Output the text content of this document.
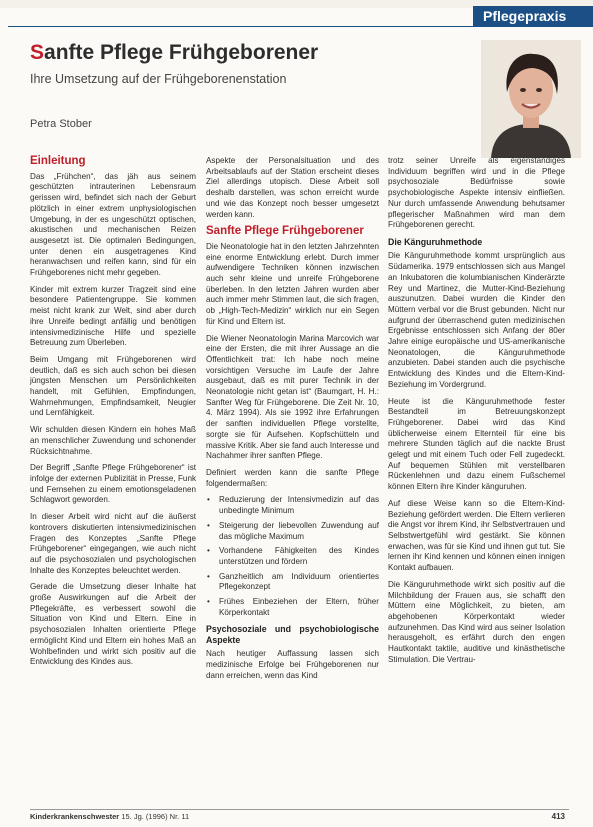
Pflegepraxis
Sanfte Pflege Frühgeborener
Ihre Umsetzung auf der Frühgeborenenstation
Petra Stober
Einleitung

Das „Frühchen“, das jäh aus seinem geschützten intrauterinen Lebensraum gerissen wird, befindet sich nach der Geburt plötzlich in einer extrem unphysiologischen Umgebung, in der es ungeschützt optischen, akustischen und mechanischen Reizen ausgesetzt ist. Die optimalen Bedingungen, unter denen ein ausgetragenes Kind heranwachsen und reifen kann, sind für ein Frühgeborenes nicht mehr gegeben.

Kinder mit extrem kurzer Tragzeit sind eine besondere Patientengruppe. Sie kommen meist nicht krank zur Welt, sind aber durch ihre Unreife bedingt anfällig und benötigen intensivmedizinische Hilfe und spezielle Betreuung zum Überleben.

Beim Umgang mit Frühgeborenen wird deutlich, daß es sich auch schon bei diesen jüngsten Menschen um Persönlichkeiten handelt, mit Gefühlen, Empfindungen, Wahrnehmungen, Empfindsamkeit, Neugier und Lernfähigkeit.

Wir schulden diesen Kindern ein hohes Maß an menschlicher Zuwendung und schonender Rücksichtnahme.

Der Begriff „Sanfte Pflege Frühgeborener“ ist infolge der externen Publizität in Presse, Funk und Fernsehen zu einem emotionsgeladenen Schlagwort geworden.

In dieser Arbeit wird nicht auf die äußerst kontrovers diskutierten intensivmedizinischen Fragen des Konzeptes „Sanfte Pflege Frühgeborener“ eingegangen, wie auch nicht auf die psychosozialen und psychologischen Inhalte des Konzeptes beleuchtet werden.

Gerade die Umsetzung dieser Inhalte hat große Auswirkungen auf die Arbeit der Pflegekräfte, es verbessert sowohl die Situation von Kind und Eltern. Eine in psychosozialen Inhalten orientierte Pflege ermöglicht Kind und Eltern ein hohes Maß an Wohlbefinden und wirkt sich positiv auf die Entwicklung des Kindes aus.

Aspekte der Personalsituation und des Arbeitsablaufs auf der Station erscheint dieses Ziel allerdings utopisch. Diese Arbeit soll deshalb darstellen, was schon erreicht wurde und wie das Konzept noch besser umgesetzt werden kann.

Sanfte Pflege Frühgeborener

Die Neonatologie hat in den letzten Jahrzehnten eine enorme Entwicklung erlebt. Durch immer aufwendigere Techniken können inzwischen auch sehr kleine und unreife Frühgeborene überleben. In den letzten Jahren wurden aber auch immer mehr Stimmen laut, die sich fragen, ob „High-Tech-Medizin“ wirklich nur ein Segen für Kind und Eltern ist.

Die Wiener Neonatologin Marina Marcovich war eine der Ersten, die mit ihrer Aussage an die Öffentlichkeit trat: Ich habe noch meine vorsichtigen Versuche im Laufe der Jahre ausgebaut, daß es mit purer Technik in der Neonatologie nicht getan ist“ (Baumgart, H. H.: Sanfter Weg für Frühgeborene. Die Zeit Nr. 10, 4. März 1994). Als sie 1992 ihre Erfahrungen der sanften individuellen Pflege vorstellte, sorgte sie für Aufsehen. Kopfschütteln und massive Kritik. Aber sie fand auch Interesse und Nachahmer ihrer sanften Pflege.

Definiert werden kann die sanfte Pflege folgendermaßen:

• Reduzierung der Intensivmedizin auf das unbedingte Minimum
• Steigerung der liebevollen Zuwendung auf das mögliche Maximum
• Vorhandene Fähigkeiten des Kindes unterstützen und fördern
• Ganzheitlich am Individuum orientiertes Pflegekonzept
• Frühes Einbeziehen der Eltern, früher Körperkontakt
Psychosoziale und psychobiologische Aspekte

Nach heutiger Auffassung lassen sich medizinische Erfolge bei Frühgeborenen nur dann erreichen, wenn das Kind

trotz seiner Unreife als eigenständiges Individuum begriffen wird und in die Pflege psychosoziale Bedürfnisse sowie psychobiologische Aspekte intensiv einfließen. Nur durch umfassende Anwendung behutsamer pflegerischer Maßnahmen wird man dem Frühgeborenen gerecht.

Die Känguruhmethode

Die Känguruhmethode kommt ursprünglich aus Südamerika. 1979 entschlossen sich aus Mangel an Inkubatoren die kolumbianischen Kinderärzte Rey und Martinez, die Mutter-Kind-Beziehung auszunutzen. Dabei wurden die Kinder den Müttern verbal vor die Brust gebunden. Nicht nur aufgrund der überraschend guten medizinischen Ergebnisse entschlossen sich Anfang der 80er Jahre einige europäische und US-amerikanische Neonatologen, die Känguruhmethode anzubieten. Dabei standen auch die psychische Entwicklung des Kindes und die Eltern-Kind-Beziehung im Vordergrund.

Heute ist die Känguruhmethode fester Bestandteil im Betreuungskonzept Frühgeborener. Dabei wird das Kind üblicherweise einem Elternteil für eine bis mehrere Stunden täglich auf die nackte Brust gelegt und mit einem Tuch oder Fell zugedeckt. Auf bequemen Stühlen mit verstellbaren Rückenlehnen und dazu einem Fußschemel können Eltern ihre Kinder känguruhen.

Auf diese Weise kann so die Eltern-Kind-Beziehung gefördert werden. Die Eltern verlieren die Angst vor ihrem Kind, ihr Selbstvertrauen und Selbstwertgefühl wird gestärkt. Sie können erwachen, was für sie Kind und ihnen gut tut. Sie lernen ihr Kind kennen und können einen innigen Kontakt aufbauen.

Die Känguruhmethode wirkt sich positiv auf die Milchbildung der Frauen aus, sie schafft den Müttern eine Möglichkeit, zu bieten, am abgehobenen Körperkontakt wieder aufzunehmen. Das Kind wird aus seiner Isolation herausgeholt, es erfährt durch den engen Hautkontakt taktile, auditive und kinästhetische Stimulation. Die Vertrau-

Kinderkrankenschwester 15. Jg. (1996) Nr. 11	413
